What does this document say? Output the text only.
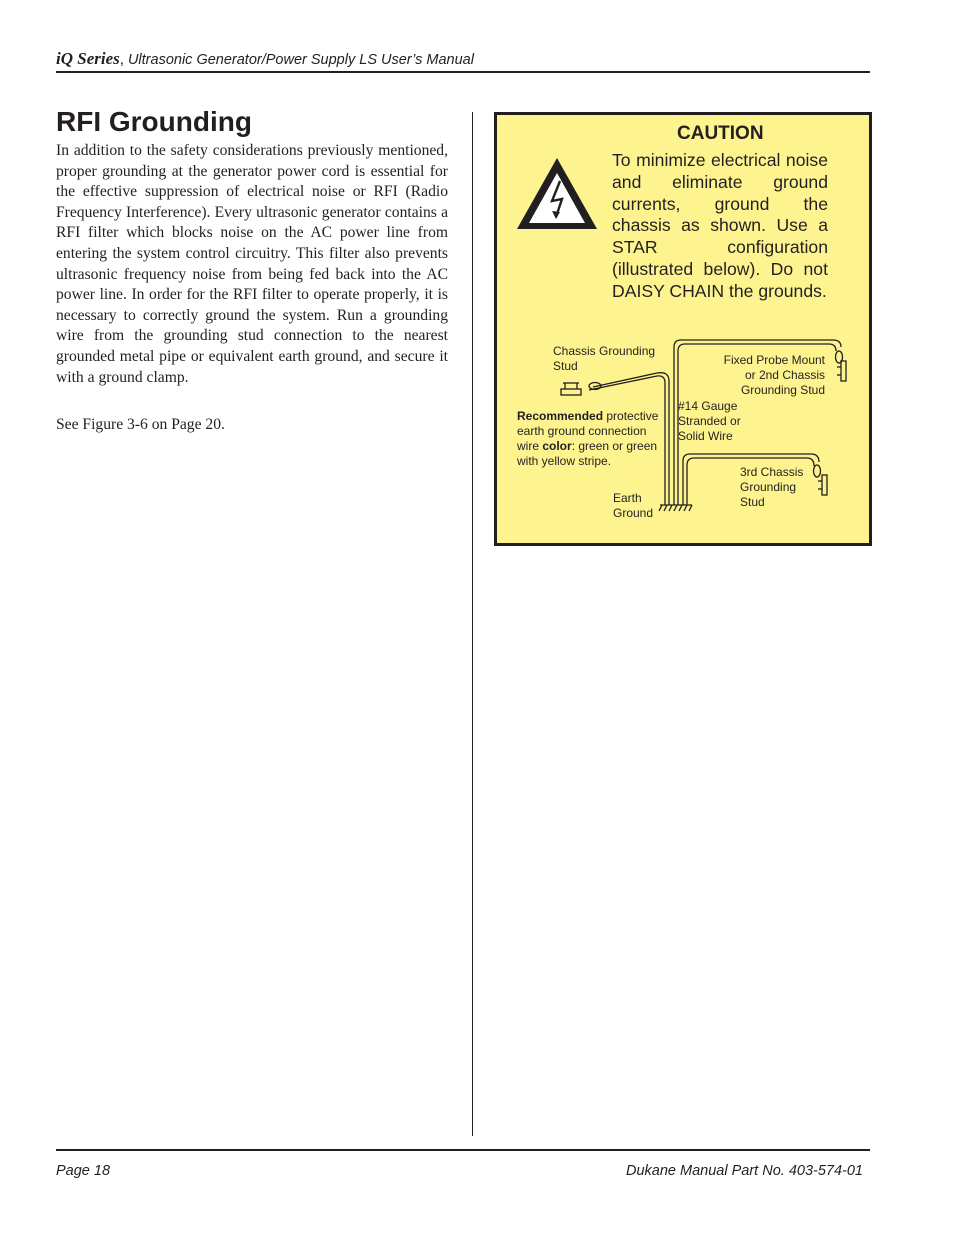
iQ Series, Ultrasonic Generator/Power Supply LS User’s Manual
RFI Grounding

In addition to the safety considerations previously mentioned, proper grounding at the generator power cord is essential for the effective suppression of electrical noise or RFI (Radio Frequency Interference). Every ultrasonic generator contains a RFI filter which blocks noise on the AC power line from entering the system control circuitry. This filter also prevents ultrasonic frequency noise from being fed back into the AC power line. In order for the RFI filter to operate properly, it is necessary to correctly ground the system. Run a grounding wire from the grounding stud connection to the nearest grounded metal pipe or equivalent earth ground, and secure it with a ground clamp.

See Figure 3-6 on Page 20.
CAUTION

To minimize electrical noise and eliminate ground currents, ground the chassis as shown. Use a STAR configuration (illustrated below). Do not DAISY CHAIN the grounds.

Chassis Grounding
Stud
Recommended protective
earth ground connection
wire color: green or green
with yellow stripe.
Earth
Ground
#14 Gauge
Stranded or
Solid Wire
Fixed Probe Mount
or 2nd Chassis
Grounding Stud
3rd Chassis
Grounding
Stud
Page 18	Dukane Manual Part No. 403-574-01
